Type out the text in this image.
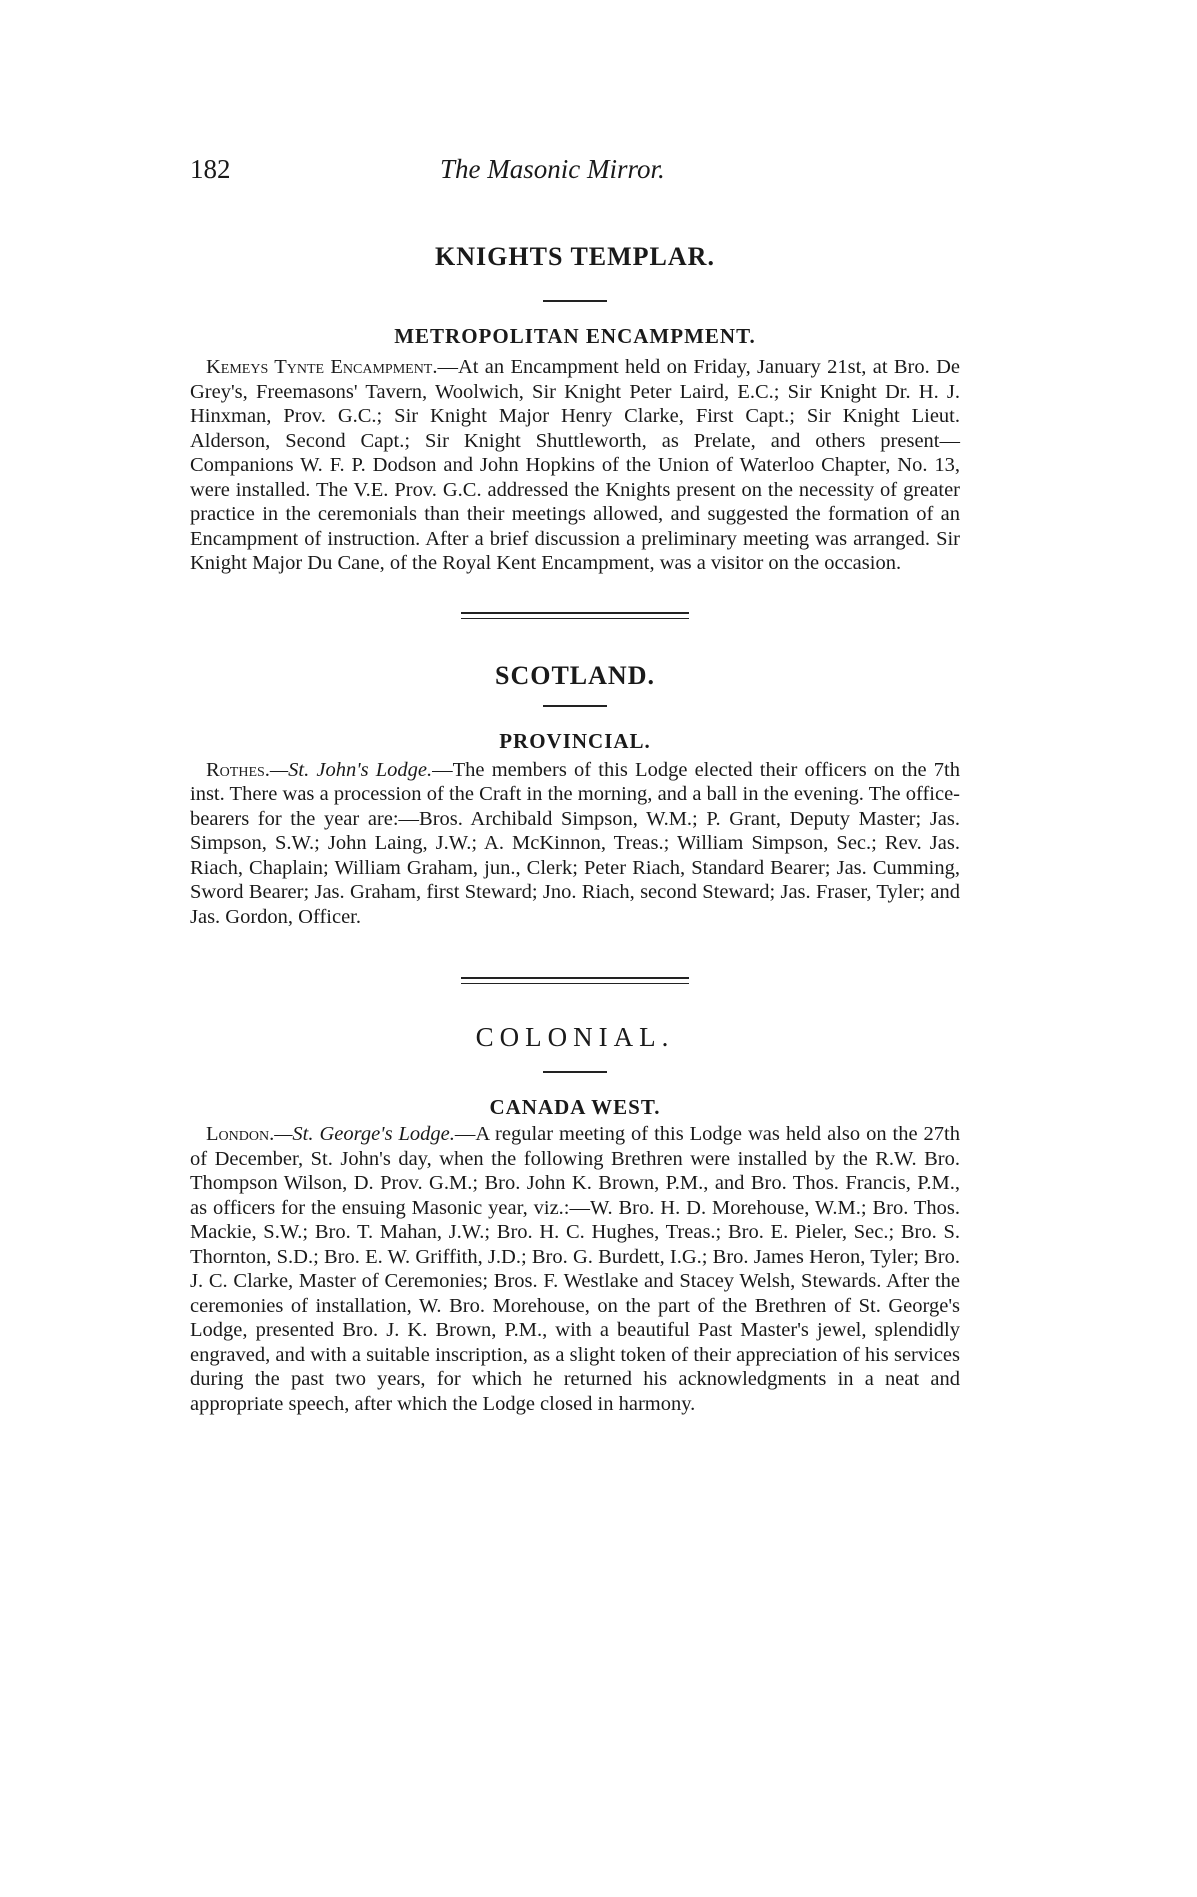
182	The Masonic Mirror.
KNIGHTS TEMPLAR.
METROPOLITAN ENCAMPMENT.

Kemeys Tynte Encampment.—At an Encampment held on Friday, January 21st, at Bro. De Grey's, Freemasons' Tavern, Woolwich, Sir Knight Peter Laird, E.C.; Sir Knight Dr. H. J. Hinxman, Prov. G.C.; Sir Knight Major Henry Clarke, First Capt.; Sir Knight Lieut. Alderson, Second Capt.; Sir Knight Shuttleworth, as Prelate, and others present—Companions W. F. P. Dodson and John Hopkins of the Union of Waterloo Chapter, No. 13, were installed. The V.E. Prov. G.C. addressed the Knights present on the necessity of greater practice in the ceremonials than their meetings allowed, and suggested the formation of an Encampment of instruction. After a brief discussion a preliminary meeting was arranged. Sir Knight Major Du Cane, of the Royal Kent Encampment, was a visitor on the occasion.

SCOTLAND.
PROVINCIAL.

Rothes.—St. John's Lodge.—The members of this Lodge elected their officers on the 7th inst. There was a procession of the Craft in the morning, and a ball in the evening. The office-bearers for the year are:—Bros. Archibald Simpson, W.M.; P. Grant, Deputy Master; Jas. Simpson, S.W.; John Laing, J.W.; A. McKinnon, Treas.; William Simpson, Sec.; Rev. Jas. Riach, Chaplain; William Graham, jun., Clerk; Peter Riach, Standard Bearer; Jas. Cumming, Sword Bearer; Jas. Graham, first Steward; Jno. Riach, second Steward; Jas. Fraser, Tyler; and Jas. Gordon, Officer.

COLONIAL.
CANADA WEST.

London.—St. George's Lodge.—A regular meeting of this Lodge was held also on the 27th of December, St. John's day, when the following Brethren were installed by the R.W. Bro. Thompson Wilson, D. Prov. G.M.; Bro. John K. Brown, P.M., and Bro. Thos. Francis, P.M., as officers for the ensuing Masonic year, viz.:—W. Bro. H. D. Morehouse, W.M.; Bro. Thos. Mackie, S.W.; Bro. T. Mahan, J.W.; Bro. H. C. Hughes, Treas.; Bro. E. Pieler, Sec.; Bro. S. Thornton, S.D.; Bro. E. W. Griffith, J.D.; Bro. G. Burdett, I.G.; Bro. James Heron, Tyler; Bro. J. C. Clarke, Master of Ceremonies; Bros. F. Westlake and Stacey Welsh, Stewards. After the ceremonies of installation, W. Bro. Morehouse, on the part of the Brethren of St. George's Lodge, presented Bro. J. K. Brown, P.M., with a beautiful Past Master's jewel, splendidly engraved, and with a suitable inscription, as a slight token of their appreciation of his services during the past two years, for which he returned his acknowledgments in a neat and appropriate speech, after which the Lodge closed in harmony.
